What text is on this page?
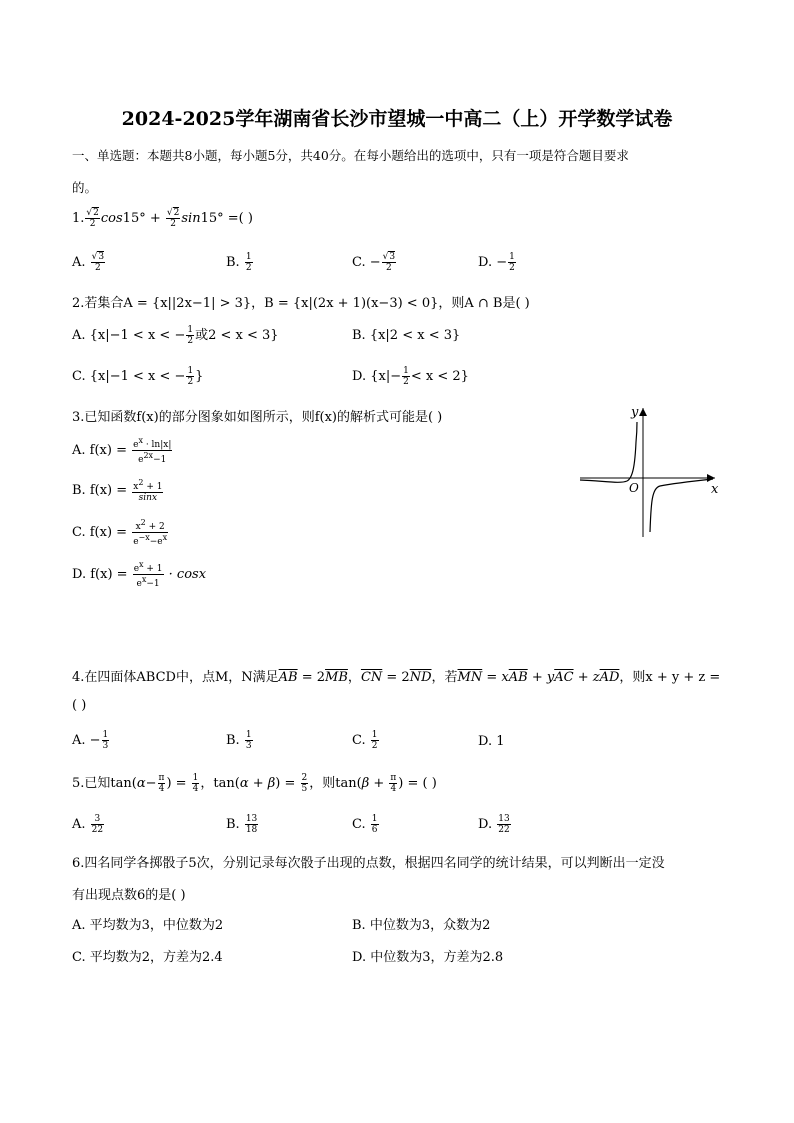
2024-2025学年湖南省长沙市望城一中高二（上）开学数学试卷
一、单选题：本题共8小题，每小题5分，共40分。在每小题给出的选项中，只有一项是符合题目要求
的。
1. $\frac{√2}{2} \cos 15^\circ + \frac{√2}{2} \sin 15^\circ$ =( )
A. $\frac{√3}{2}$	B. $\frac{1}{2}$	C. − $\frac{√3}{2}$	D. − $\frac{1}{2}$
2.若集合A = {x||2x−1| > 3}，B = {x|(2x + 1)(x−3) < 0}，则A ∩ B是( )
A. {x|−1 < x < − $\frac{1}{2}$ 或2 < x < 3}	B. {x|2 < x < 3}
C. {x|−1 < x < − $\frac{1}{2}$ }	D. $\{x|- \frac{1}{2} < x < 2\}$
3.已知函数f(x)的部分图象如如图所示，则f(x)的解析式可能是( )
A. $f(x) = \frac{ex \cdot \ln|x|}{e2x-1}$
B. $f(x) = \frac{x2 + 1}{\sin x}$
C. $f(x) = \frac{x2 + 2}{e-x-ex}$
D. $f(x) = \frac{ex + 1}{ex-1} \cdot \cos x$
y
x
O
4.在四面体ABCD中，点M，N满足$\overline{AB} = 2\overline{MB}$，$\overline{CN} = 2\overline{ND}$，若$\overline{MN} = x\overline{AB} + y\overline{AC} + z\overline{AD}$，则x + y + z =
( )
A. − $\frac{1}{3}$	B. $\frac{1}{3}$	C. $\frac{1}{2}$	D. 1
5.已知$\tan(\alpha- \frac{\pi}{4}$ ) = $\frac{1}{4}$ ，$\tan(\alpha + \beta) = \frac{2}{5}$ ，则$\tan(\beta + \frac{\pi}{4}$ ) = ( )
A. $\frac{3}{22}$	B. $\frac{13}{18}$	C. $\frac{1}{6}$	D. $\frac{13}{22}$
6.四名同学各掷骰子5次，分别记录每次骰子出现的点数，根据四名同学的统计结果，可以判断出一定没
有出现点数6的是( )
A. 平均数为3，中位数为2	B. 中位数为3，众数为2
C. 平均数为2，方差为2.4	D. 中位数为3，方差为2.8
